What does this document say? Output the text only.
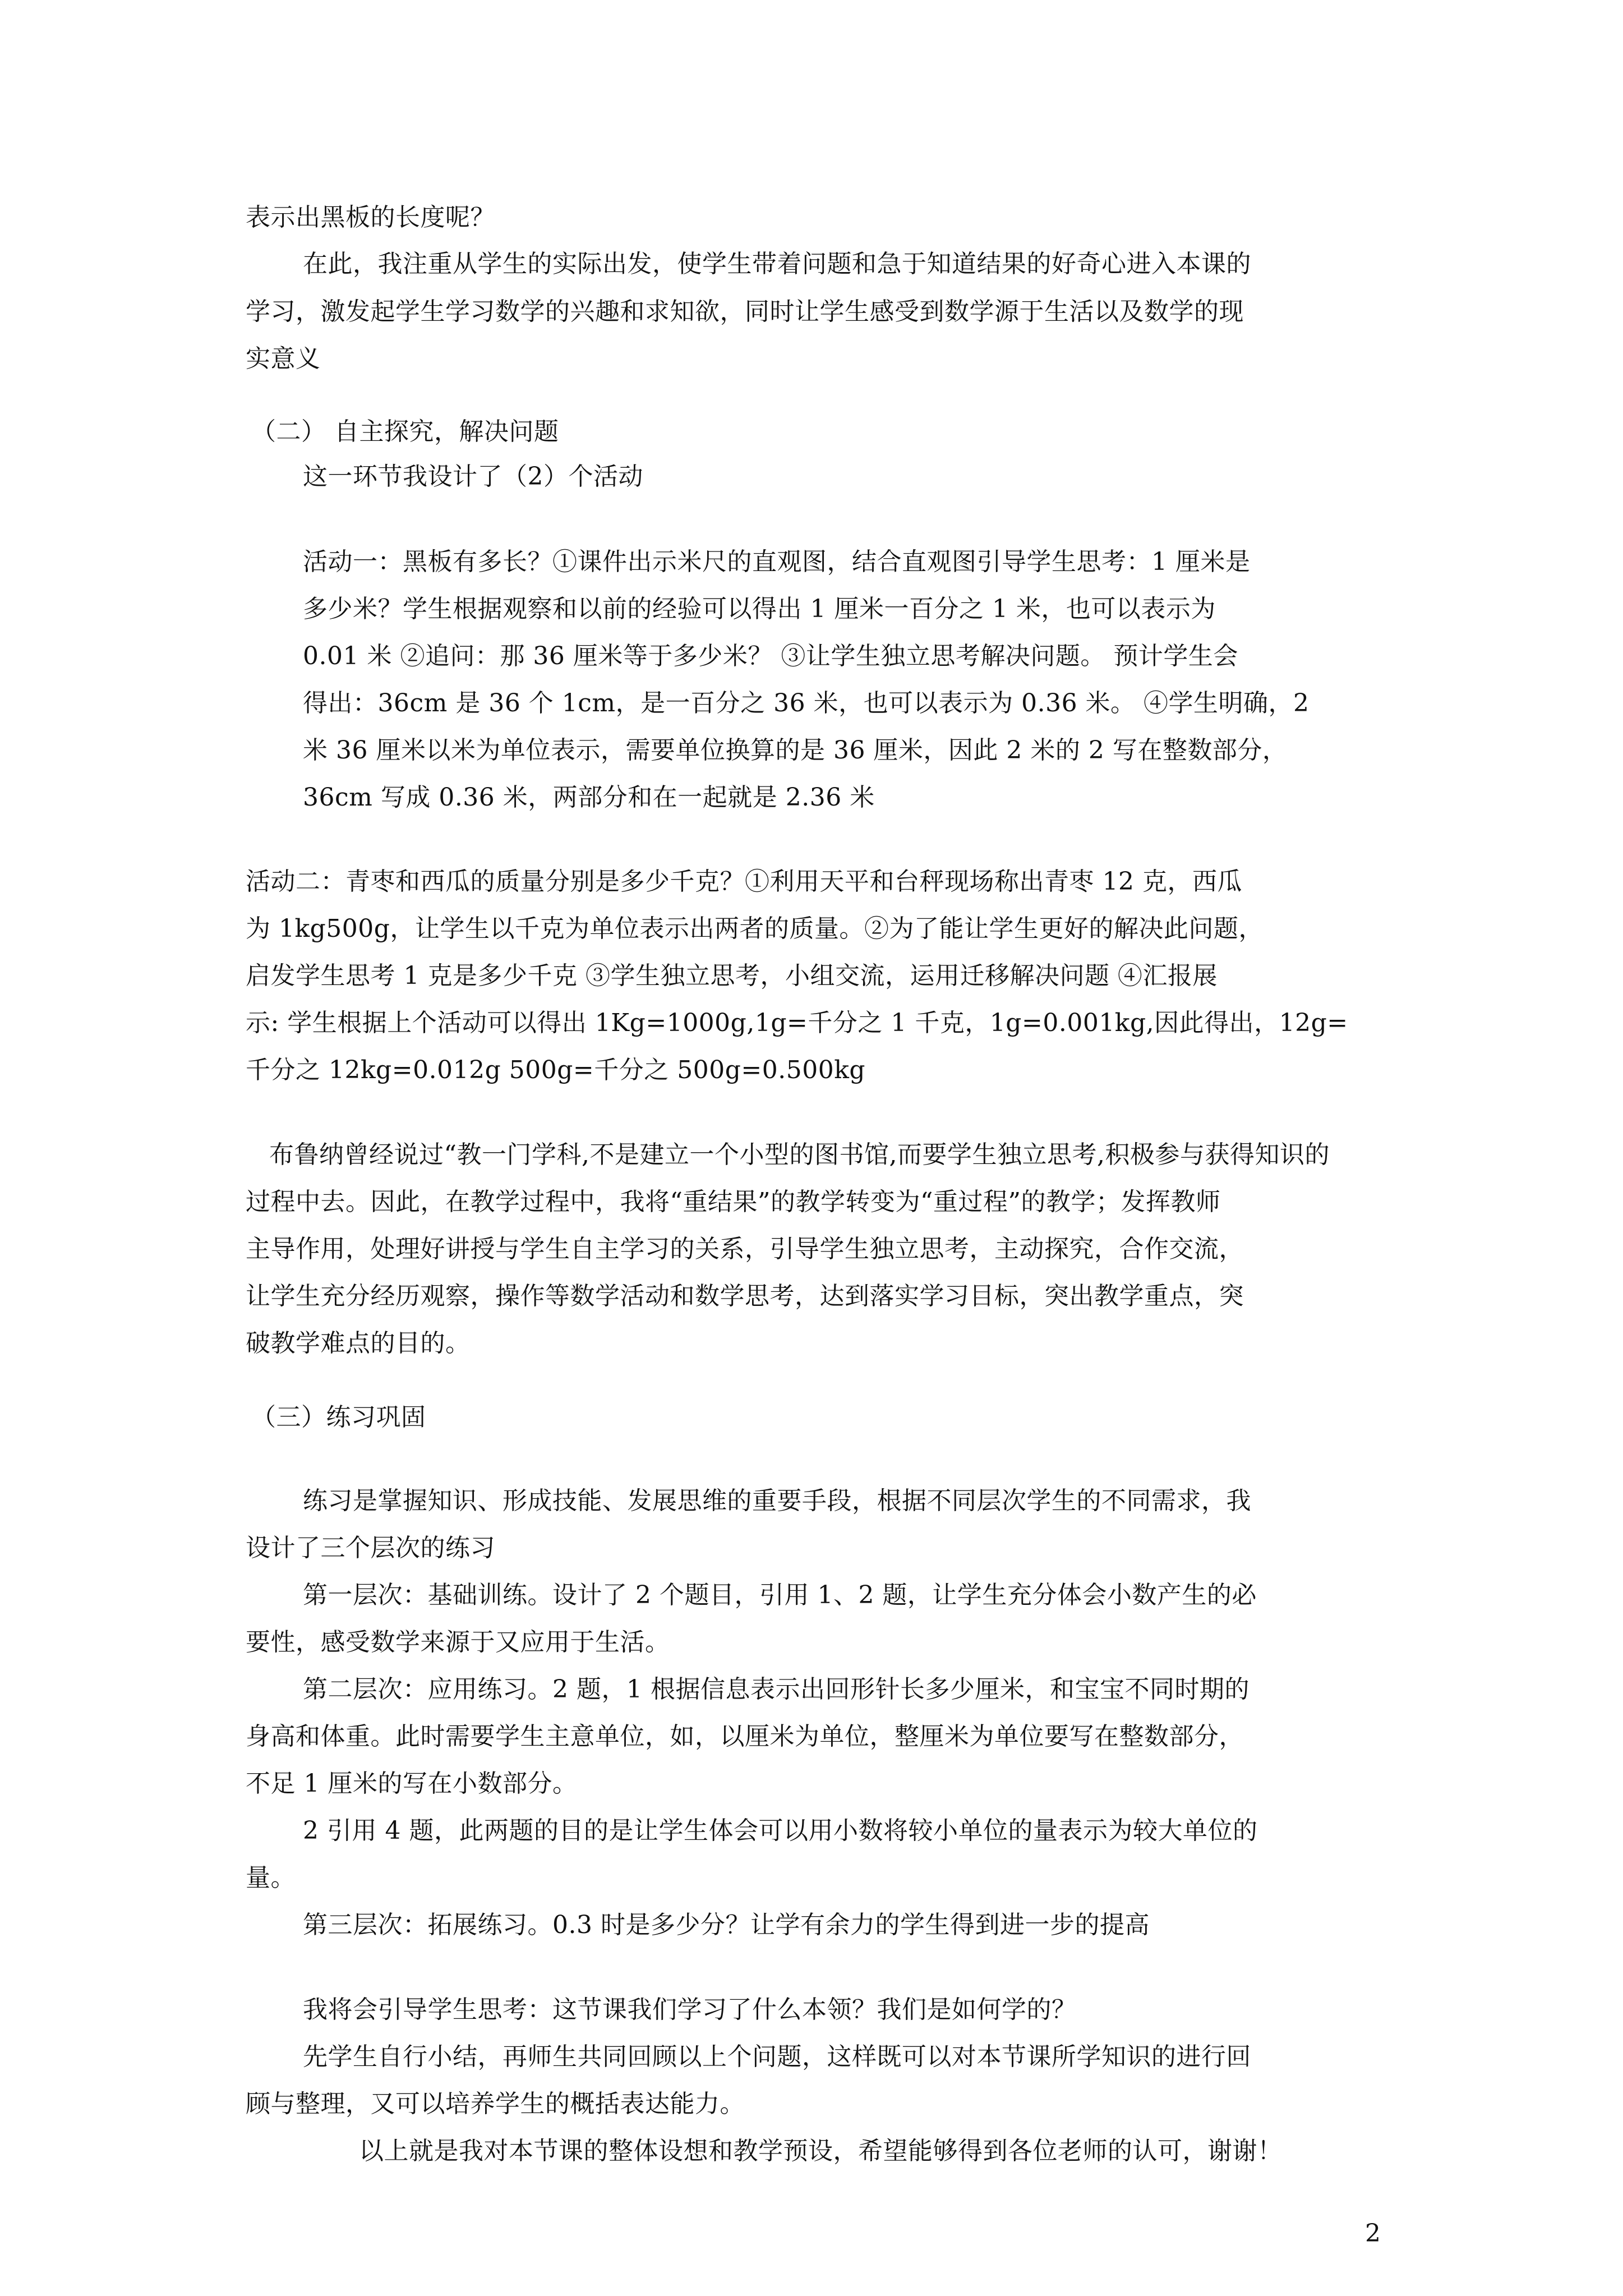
表示出黑板的长度呢？
在此，我注重从学生的实际出发，使学生带着问题和急于知道结果的好奇心进入本课的
学习，激发起学生学习数学的兴趣和求知欲，同时让学生感受到数学源于生活以及数学的现
实意义
（二） 自主探究，解决问题
这一环节我设计了（2）个活动
活动一：黑板有多长？①课件出示米尺的直观图，结合直观图引导学生思考：1 厘米是
多少米？学生根据观察和以前的经验可以得出 1 厘米一百分之 1 米，也可以表示为
0.01 米 ②追问：那 36 厘米等于多少米？ ③让学生独立思考解决问题。 预计学生会
得出：36cm 是 36 个 1cm，是一百分之 36 米，也可以表示为 0.36 米。 ④学生明确，2
米 36 厘米以米为单位表示，需要单位换算的是 36 厘米，因此 2 米的 2 写在整数部分，
36cm 写成 0.36 米，两部分和在一起就是 2.36 米
活动二：青枣和西瓜的质量分别是多少千克？①利用天平和台秤现场称出青枣 12 克，西瓜
为 1kg500g，让学生以千克为单位表示出两者的质量。②为了能让学生更好的解决此问题，
启发学生思考 1 克是多少千克 ③学生独立思考，小组交流，运用迁移解决问题 ④汇报展
示: 学生根据上个活动可以得出 1Kg=1000g,1g=千分之 1 千克，1g=0.001kg,因此得出，12g=
千分之 12kg=0.012g 500g=千分之 500g=0.500kg
布鲁纳曾经说过“教一门学科,不是建立一个小型的图书馆,而要学生独立思考,积极参与获得知识的
过程中去。因此，在教学过程中，我将“重结果”的教学转变为“重过程”的教学；发挥教师
主导作用，处理好讲授与学生自主学习的关系，引导学生独立思考，主动探究，合作交流，
让学生充分经历观察，操作等数学活动和数学思考，达到落实学习目标，突出教学重点，突
破教学难点的目的。
（三）练习巩固
练习是掌握知识、形成技能、发展思维的重要手段，根据不同层次学生的不同需求，我
设计了三个层次的练习
第一层次：基础训练。设计了 2 个题目，引用 1、2 题，让学生充分体会小数产生的必
要性，感受数学来源于又应用于生活。
第二层次：应用练习。2 题，1 根据信息表示出回形针长多少厘米，和宝宝不同时期的
身高和体重。此时需要学生主意单位，如，以厘米为单位，整厘米为单位要写在整数部分，
不足 1 厘米的写在小数部分。
2 引用 4 题，此两题的目的是让学生体会可以用小数将较小单位的量表示为较大单位的
量。
第三层次：拓展练习。0.3 时是多少分？让学有余力的学生得到进一步的提高
我将会引导学生思考：这节课我们学习了什么本领？我们是如何学的？
先学生自行小结，再师生共同回顾以上个问题，这样既可以对本节课所学知识的进行回
顾与整理，又可以培养学生的概括表达能力。
以上就是我对本节课的整体设想和教学预设，希望能够得到各位老师的认可，谢谢！
2
